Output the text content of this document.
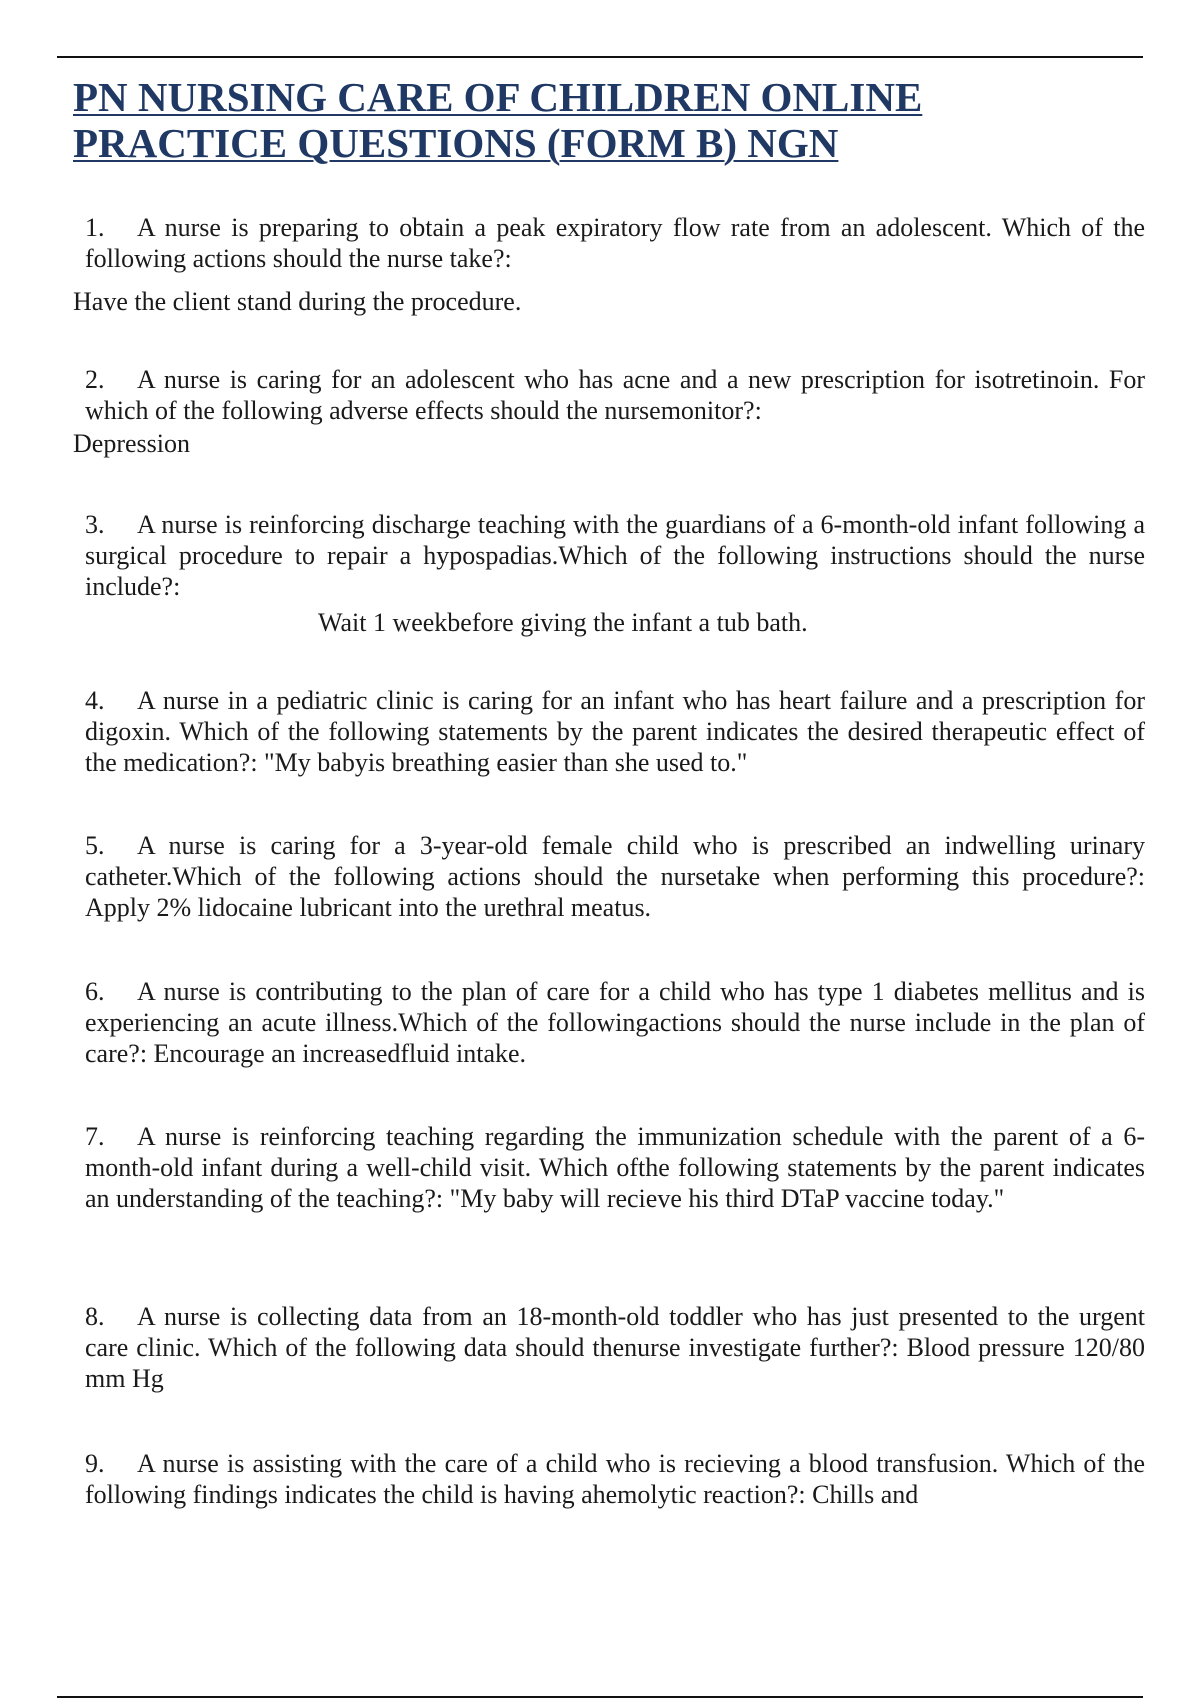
PN NURSING CARE OF CHILDREN ONLINE PRACTICE QUESTIONS (FORM B) NGN

1. A nurse is preparing to obtain a peak expiratory flow rate from an adolescent. Which of the following actions should the nurse take?:

Have the client stand during the procedure.

2. A nurse is caring for an adolescent who has acne and a new prescription for isotretinoin. For which of the following adverse effects should the nursemonitor?:

Depression

3. A nurse is reinforcing discharge teaching with the guardians of a 6-month-old infant following a surgical procedure to repair a hypospadias.Which of the following instructions should the nurse include?:

Wait 1 weekbefore giving the infant a tub bath.

4. A nurse in a pediatric clinic is caring for an infant who has heart failure and a prescription for digoxin. Which of the following statements by the parent indicates the desired therapeutic effect of the medication?: "My babyis breathing easier than she used to."

5. A nurse is caring for a 3-year-old female child who is prescribed an indwelling urinary catheter.Which of the following actions should the nursetake when performing this procedure?: Apply 2% lidocaine lubricant into the urethral meatus.

6. A nurse is contributing to the plan of care for a child who has type 1 diabetes mellitus and is experiencing an acute illness.Which of the followingactions should the nurse include in the plan of care?: Encourage an increasedfluid intake.

7. A nurse is reinforcing teaching regarding the immunization schedule with the parent of a 6-month-old infant during a well-child visit. Which ofthe following statements by the parent indicates an understanding of the teaching?: "My baby will recieve his third DTaP vaccine today."

8. A nurse is collecting data from an 18-month-old toddler who has just presented to the urgent care clinic. Which of the following data should thenurse investigate further?: Blood pressure 120/80 mm Hg

9. A nurse is assisting with the care of a child who is recieving a blood transfusion. Which of the following findings indicates the child is having ahemolytic reaction?: Chills and
